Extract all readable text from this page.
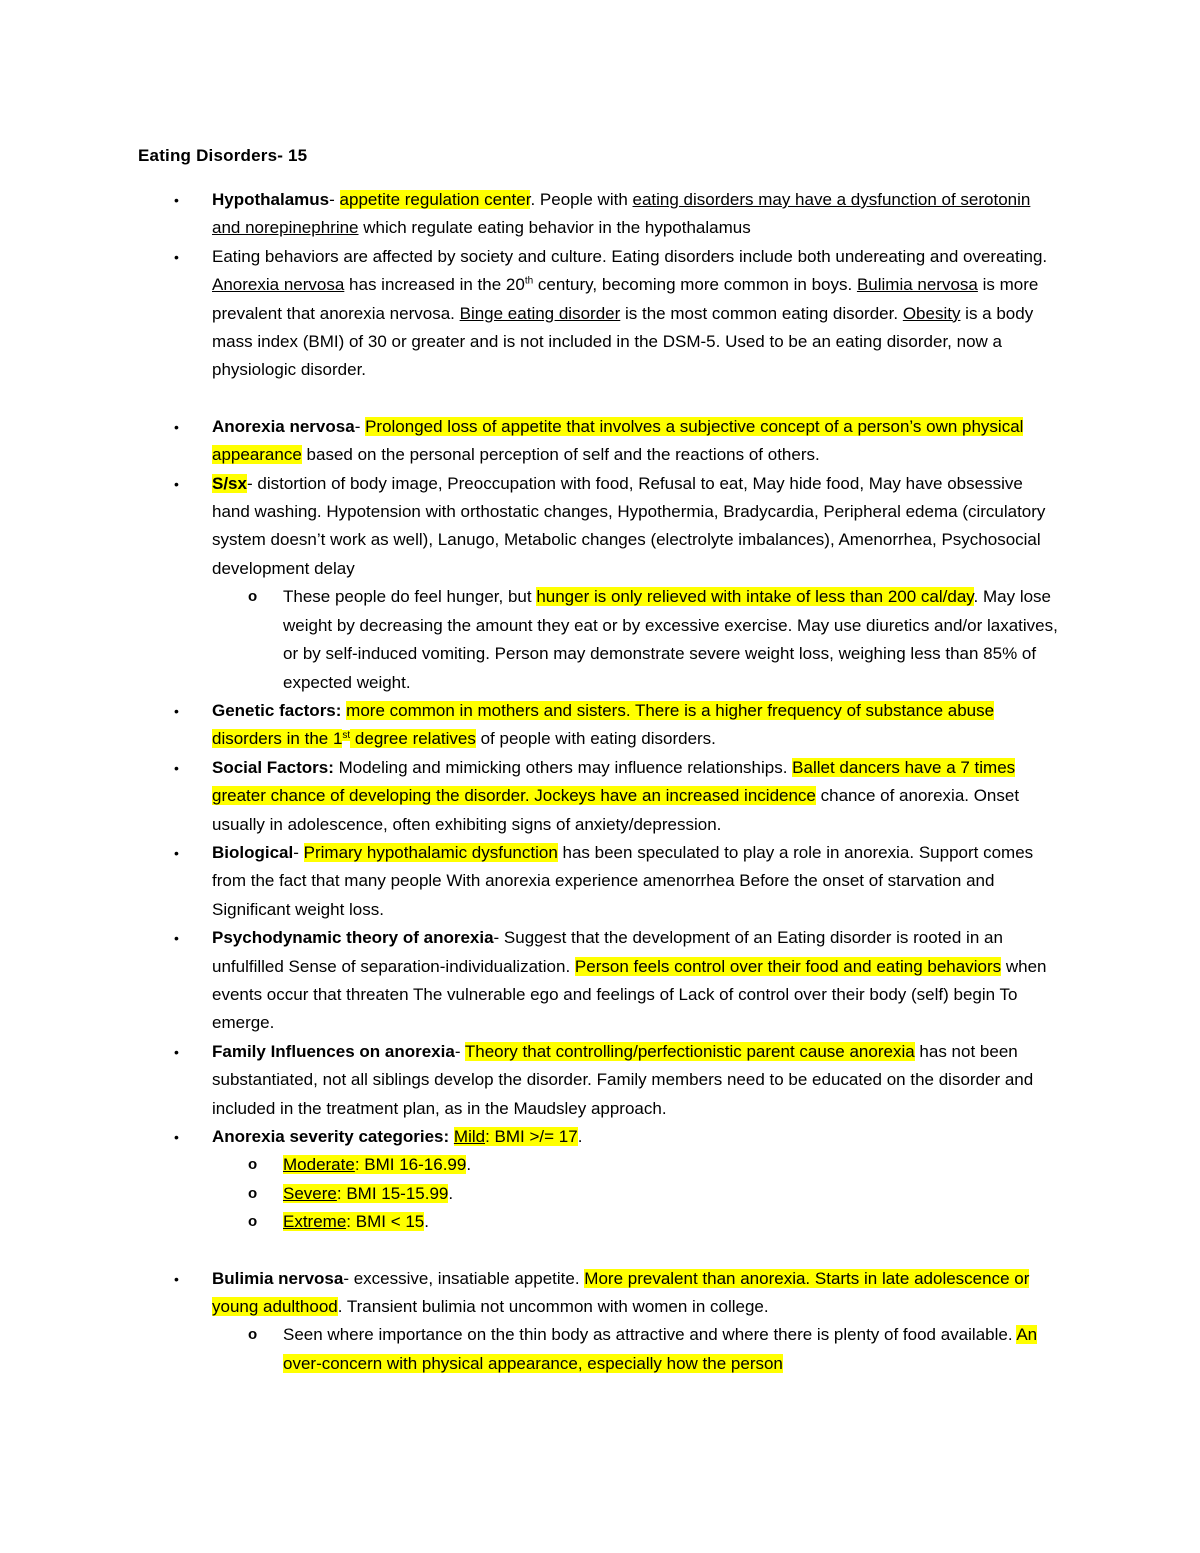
Eating Disorders- 15
• Hypothalamus- appetite regulation center. People with eating disorders may have a dysfunction of serotonin and norepinephrine which regulate eating behavior in the hypothalamus
• Eating behaviors are affected by society and culture. Eating disorders include both undereating and overeating. Anorexia nervosa has increased in the 20th century, becoming more common in boys. Bulimia nervosa is more prevalent that anorexia nervosa. Binge eating disorder is the most common eating disorder. Obesity is a body mass index (BMI) of 30 or greater and is not included in the DSM-5. Used to be an eating disorder, now a physiologic disorder.
• Anorexia nervosa- Prolonged loss of appetite that involves a subjective concept of a person’s own physical appearance based on the personal perception of self and the reactions of others.
• S/sx- distortion of body image, Preoccupation with food, Refusal to eat, May hide food, May have obsessive hand washing. Hypotension with orthostatic changes, Hypothermia, Bradycardia, Peripheral edema (circulatory system doesn’t work as well), Lanugo, Metabolic changes (electrolyte imbalances), Amenorrhea, Psychosocial development delay
o These people do feel hunger, but hunger is only relieved with intake of less than 200 cal/day. May lose weight by decreasing the amount they eat or by excessive exercise. May use diuretics and/or laxatives, or by self-induced vomiting. Person may demonstrate severe weight loss, weighing less than 85% of expected weight.
• Genetic factors: more common in mothers and sisters. There is a higher frequency of substance abuse disorders in the 1st degree relatives of people with eating disorders.
• Social Factors: Modeling and mimicking others may influence relationships. Ballet dancers have a 7 times greater chance of developing the disorder. Jockeys have an increased incidence chance of anorexia. Onset usually in adolescence, often exhibiting signs of anxiety/depression.
• Biological- Primary hypothalamic dysfunction has been speculated to play a role in anorexia. Support comes from the fact that many people With anorexia experience amenorrhea Before the onset of starvation and Significant weight loss.
• Psychodynamic theory of anorexia- Suggest that the development of an Eating disorder is rooted in an unfulfilled Sense of separation-individualization. Person feels control over their food and eating behaviors when events occur that threaten The vulnerable ego and feelings of Lack of control over their body (self) begin To emerge.
• Family Influences on anorexia- Theory that controlling/perfectionistic parent cause anorexia has not been substantiated, not all siblings develop the disorder. Family members need to be educated on the disorder and included in the treatment plan, as in the Maudsley approach.
• Anorexia severity categories: Mild: BMI >/= 17.
o Moderate: BMI 16-16.99.
o Severe: BMI 15-15.99.
o Extreme: BMI < 15.
• Bulimia nervosa- excessive, insatiable appetite. More prevalent than anorexia. Starts in late adolescence or young adulthood. Transient bulimia not uncommon with women in college.
o Seen where importance on the thin body as attractive and where there is plenty of food available. An over-concern with physical appearance, especially how the person
